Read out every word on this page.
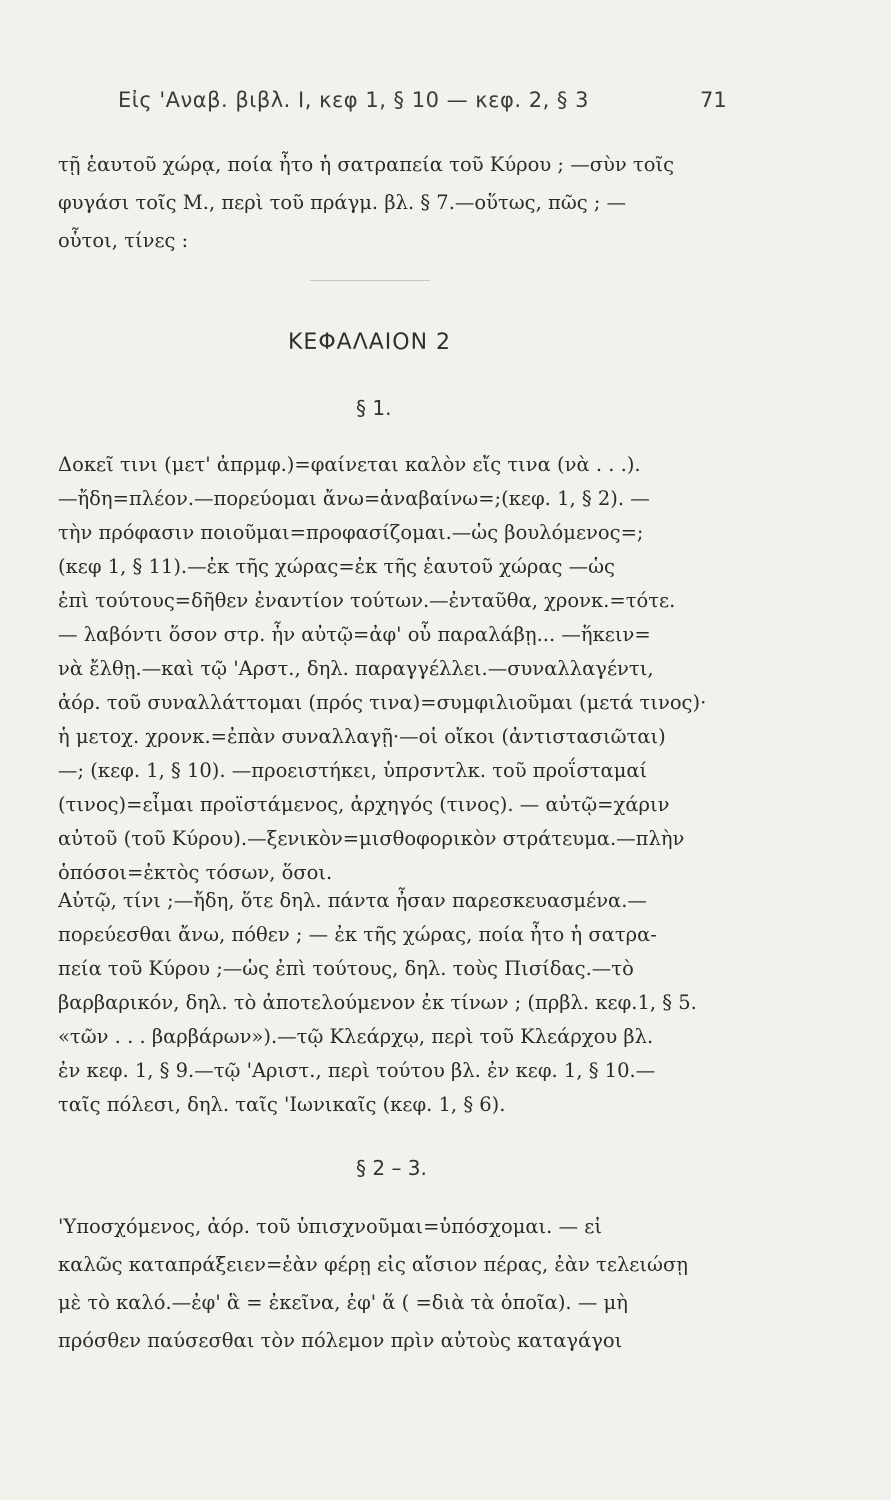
Εἰς 'Αναβ. βιβλ. Ι, κεφ 1, § 10 — κεφ. 2, § 3	71
τῇ ἑαυτοῦ χώρᾳ, ποία ἦτο ἡ σατραπεία τοῦ Κύρου ; —σὺν τοῖς
φυγάσι τοῖς Μ., περὶ τοῦ πράγμ. βλ. § 7.—οὕτως, πῶς ; —
οὗτοι, τίνες :
ΚΕΦΑΛΑΙΟΝ 2
§ 1.
Δοκεῖ τινι (μετ' ἀπρμφ.)=φαίνεται καλὸν εἴς τινα (νὰ . . .).
—ἤδη=πλέον.—πορεύομαι ἄνω=ἀναβαίνω=;(κεφ. 1, § 2). —
τὴν πρόφασιν ποιοῦμαι=προφασίζομαι.—ὡς βουλόμενος=;
(κεφ 1, § 11).—ἐκ τῆς χώρας=ἐκ τῆς ἑαυτοῦ χώρας —ὡς
ἐπὶ τούτους=δῆθεν ἐναντίον τούτων.—ἐνταῦθα, χρονκ.=τότε.
— λαβόντι ὅσον στρ. ἦν αὐτῷ=ἀφ' οὗ παραλάβῃ... —ἥκειν=
νὰ ἔλθῃ.—καὶ τῷ 'Αρστ., δηλ. παραγγέλλει.—συναλλαγέντι,
ἀόρ. τοῦ συναλλάττομαι (πρός τινα)=συμφιλιοῦμαι (μετά τινος)·
ἡ μετοχ. χρονκ.=ἐπὰν συναλλαγῇ·—οἱ οἴκοι (ἀντιστασιῶται)
—; (κεφ. 1, § 10). —προειστήκει, ὑπρσντλκ. τοῦ προΐσταμαί
(τινος)=εἶμαι προϊστάμενος, ἀρχηγός (τινος). — αὐτῷ=χάριν
αὐτοῦ (τοῦ Κύρου).—ξενικὸν=μισθοφορικὸν στράτευμα.—πλὴν
ὁπόσοι=ἐκτὸς τόσων, ὅσοι.
Αὐτῷ, τίνι ;—ἤδη, ὅτε δηλ. πάντα ἦσαν παρεσκευασμένα.—
πορεύεσθαι ἄνω, πόθεν ; — ἐκ τῆς χώρας, ποία ἦτο ἡ σατρα-
πεία τοῦ Κύρου ;—ὡς ἐπὶ τούτους, δηλ. τοὺς Πισίδας.—τὸ
βαρβαρικόν, δηλ. τὸ ἀποτελούμενον ἐκ τίνων ; (πρβλ. κεφ.1, § 5.
«τῶν . . . βαρβάρων»).—τῷ Κλεάρχῳ, περὶ τοῦ Κλεάρχου βλ.
ἐν κεφ. 1, § 9.—τῷ 'Αριστ., περὶ τούτου βλ. ἐν κεφ. 1, § 10.—
ταῖς πόλεσι, δηλ. ταῖς 'Ιωνικαῖς (κεφ. 1, § 6).
§ 2 – 3.
'Υποσχόμενος, ἀόρ. τοῦ ὑπισχνοῦμαι=ὑπόσχομαι. — εἰ
καλῶς καταπράξειεν=ἐὰν φέρῃ εἰς αἴσιον πέρας, ἐὰν τελειώσῃ
μὲ τὸ καλό.—ἐφ' ἃ = ἐκεῖνα, ἐφ' ἅ ( =διὰ τὰ ὁποῖα). — μὴ
πρόσθεν παύσεσθαι τὸν πόλεμον πρὶν αὐτοὺς καταγάγοι
